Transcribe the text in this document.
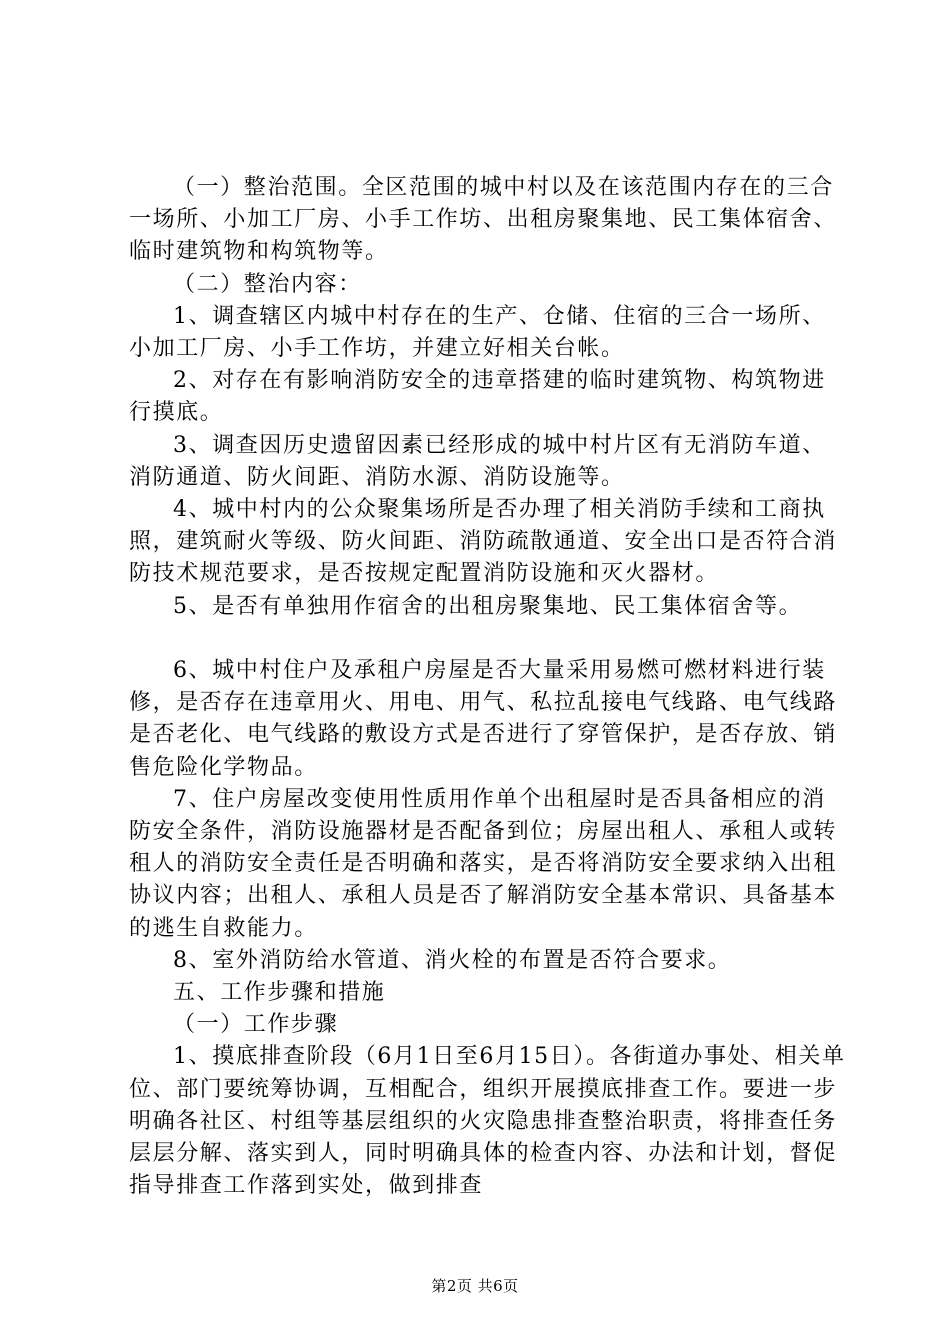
（一）整治范围。全区范围的城中村以及在该范围内存在的三合一场所、小加工厂房、小手工作坊、出租房聚集地、民工集体宿舍、临时建筑物和构筑物等。

（二）整治内容：

1、调查辖区内城中村存在的生产、仓储、住宿的三合一场所、小加工厂房、小手工作坊，并建立好相关台帐。

2、对存在有影响消防安全的违章搭建的临时建筑物、构筑物进行摸底。

3、调查因历史遗留因素已经形成的城中村片区有无消防车道、消防通道、防火间距、消防水源、消防设施等。

4、城中村内的公众聚集场所是否办理了相关消防手续和工商执照，建筑耐火等级、防火间距、消防疏散通道、安全出口是否符合消防技术规范要求，是否按规定配置消防设施和灭火器材。

5、是否有单独用作宿舍的出租房聚集地、民工集体宿舍等。

6、城中村住户及承租户房屋是否大量采用易燃可燃材料进行装修，是否存在违章用火、用电、用气、私拉乱接电气线路、电气线路是否老化、电气线路的敷设方式是否进行了穿管保护，是否存放、销售危险化学物品。

7、住户房屋改变使用性质用作单个出租屋时是否具备相应的消防安全条件，消防设施器材是否配备到位；房屋出租人、承租人或转租人的消防安全责任是否明确和落实，是否将消防安全要求纳入出租协议内容；出租人、承租人员是否了解消防安全基本常识、具备基本的逃生自救能力。

8、室外消防给水管道、消火栓的布置是否符合要求。

五、工作步骤和措施

（一）工作步骤

1、摸底排查阶段（6月1日至6月15日）。各街道办事处、相关单位、部门要统筹协调，互相配合，组织开展摸底排查工作。要进一步明确各社区、村组等基层组织的火灾隐患排查整治职责，将排查任务层层分解、落实到人，同时明确具体的检查内容、办法和计划，督促指导排查工作落到实处，做到排查

第2页 共6页
